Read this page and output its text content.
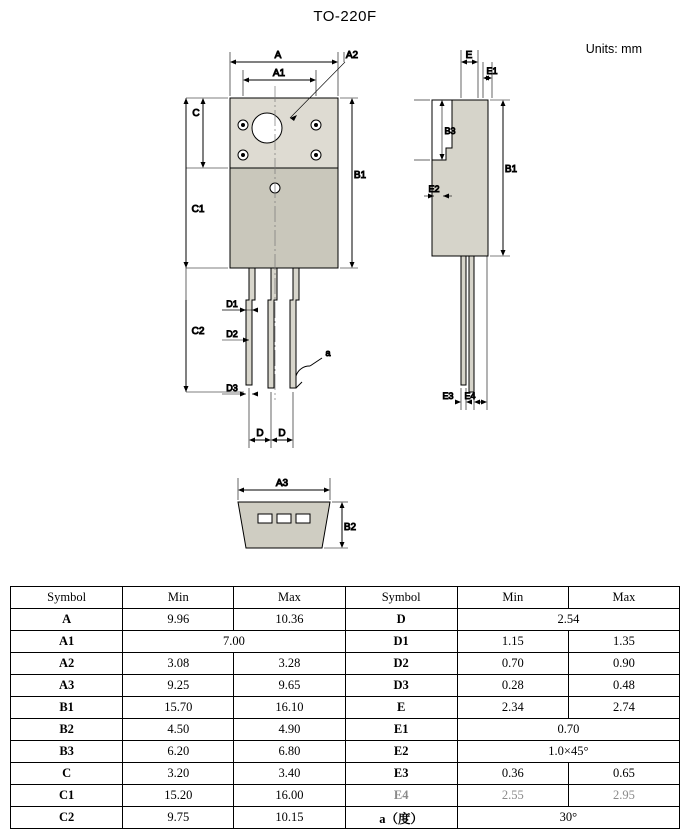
TO-220F
Units: mm
A
A1
A2
C
C1
C2
B1
D1
D2
D3
a
D D
E
E1
B3
B1
E2
E3 E4
A3
B2
Symbol	Min	Max	Symbol	Min	Max
A	9.96	10.36	D	2.54	
A1	7.00		D1	1.15	1.35
A2	3.08	3.28	D2	0.70	0.90
A3	9.25	9.65	D3	0.28	0.48
B1	15.70	16.10	E	2.34	2.74
B2	4.50	4.90	E1	0.70	
B3	6.20	6.80	E2	1.0×45°	
C	3.20	3.40	E3	0.36	0.65
C1	15.20	16.00	E4	2.55	2.95
C2	9.75	10.15	a（度）	30°	
